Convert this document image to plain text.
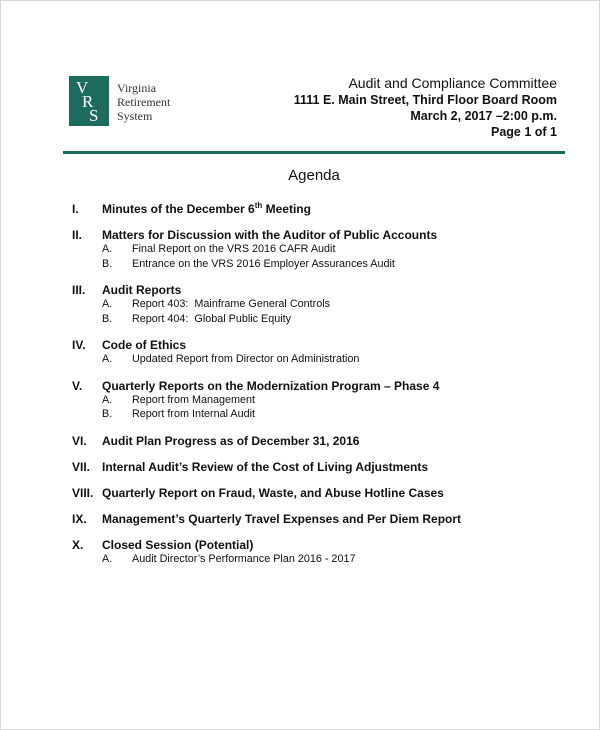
V
R
S
Virginia
Retirement
System
Audit and Compliance Committee
1111 E. Main Street, Third Floor Board Room
March 2, 2017 –2:00 p.m.
Page 1 of 1
Agenda
I.	Minutes of the December 6th Meeting
II.	Matters for Discussion with the Auditor of Public Accounts
A.	Final Report on the VRS 2016 CAFR Audit
B.	Entrance on the VRS 2016 Employer Assurances Audit
III.	Audit Reports
A.	Report 403:  Mainframe General Controls
B.	Report 404:  Global Public Equity
IV.	Code of Ethics
A.	Updated Report from Director on Administration
V.	Quarterly Reports on the Modernization Program – Phase 4
A.	Report from Management
B.	Report from Internal Audit
VI.	Audit Plan Progress as of December 31, 2016
VII. Internal Audit’s Review of the Cost of Living Adjustments
VIII. Quarterly Report on Fraud, Waste, and Abuse Hotline Cases
IX.	Management’s Quarterly Travel Expenses and Per Diem Report
X.	Closed Session (Potential)
A.	Audit Director’s Performance Plan 2016 - 2017
